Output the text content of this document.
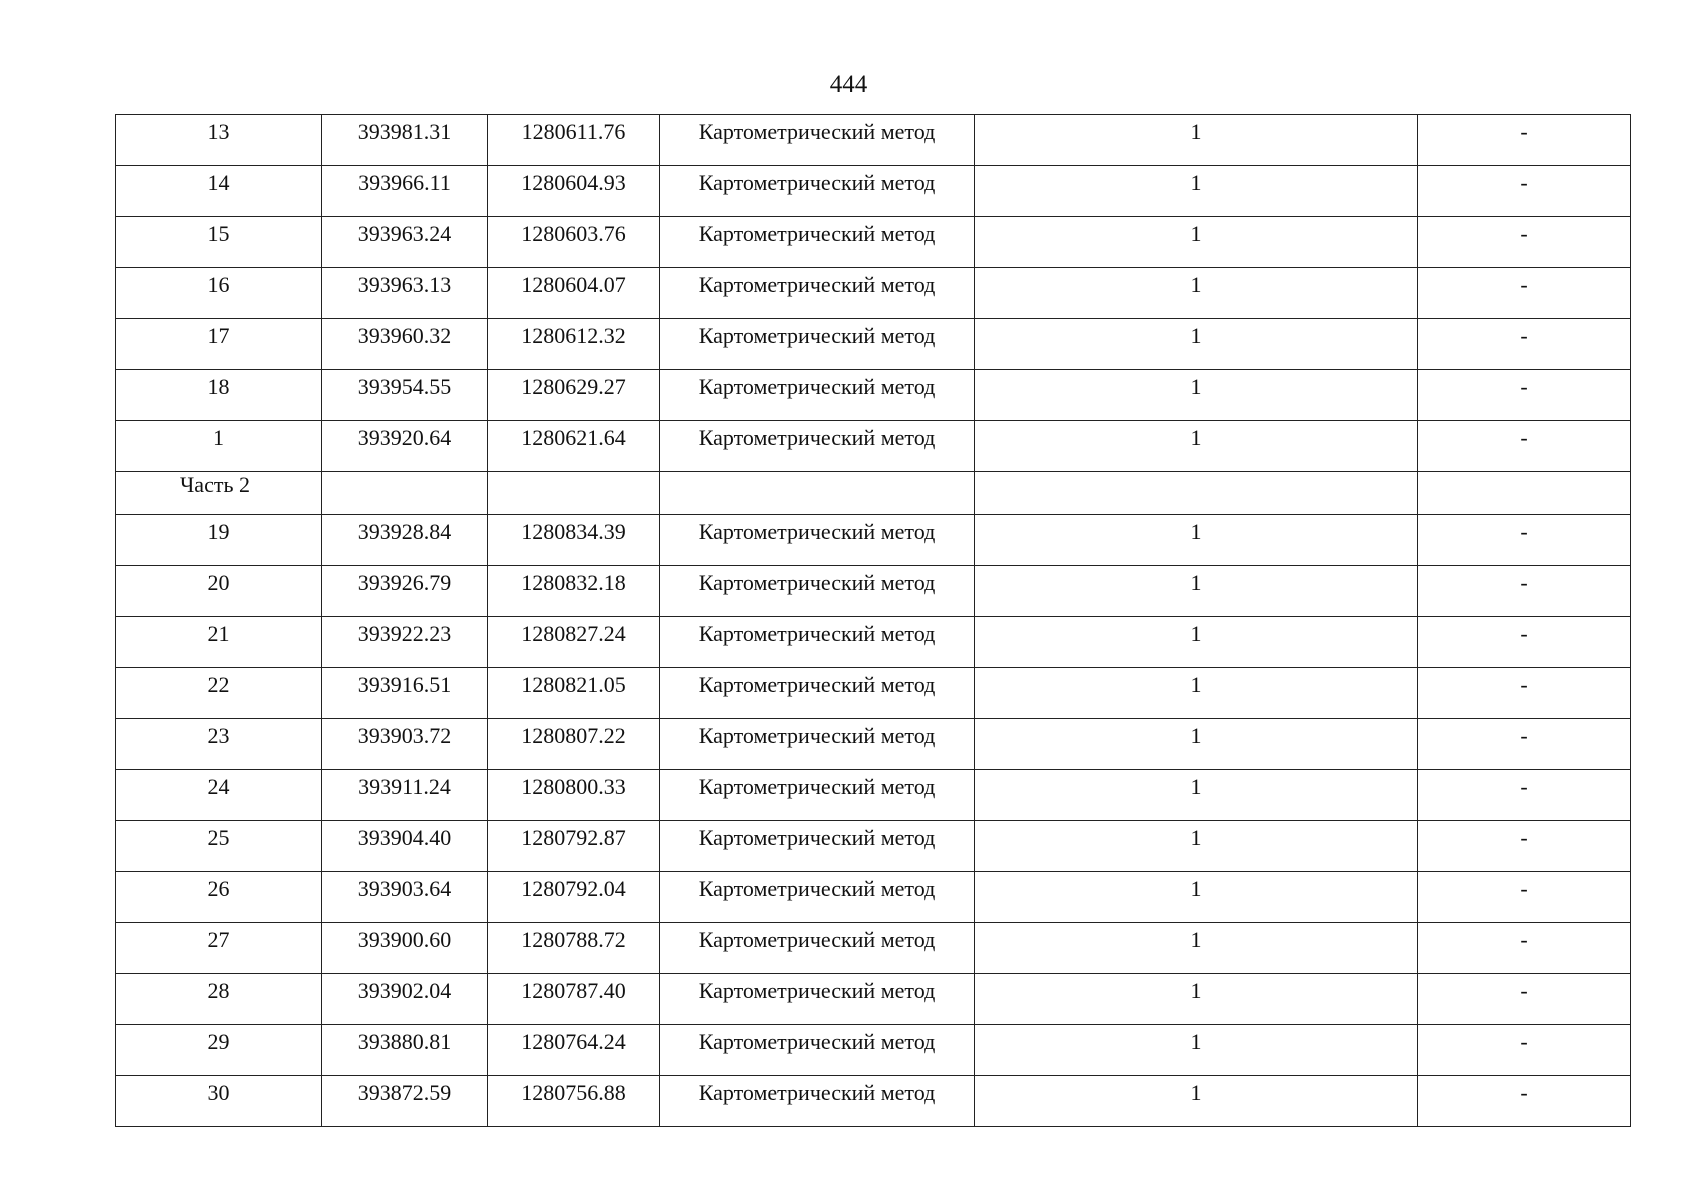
444
13	393981.31	1280611.76	Картометрический метод	1	-

14	393966.11	1280604.93	Картометрический метод	1	-

15	393963.24	1280603.76	Картометрический метод	1	-

16	393963.13	1280604.07	Картометрический метод	1	-

17	393960.32	1280612.32	Картометрический метод	1	-

18	393954.55	1280629.27	Картометрический метод	1	-

1	393920.64	1280621.64	Картометрический метод	1	-

Часть 2					

19	393928.84	1280834.39	Картометрический метод	1	-

20	393926.79	1280832.18	Картометрический метод	1	-

21	393922.23	1280827.24	Картометрический метод	1	-

22	393916.51	1280821.05	Картометрический метод	1	-

23	393903.72	1280807.22	Картометрический метод	1	-

24	393911.24	1280800.33	Картометрический метод	1	-

25	393904.40	1280792.87	Картометрический метод	1	-

26	393903.64	1280792.04	Картометрический метод	1	-

27	393900.60	1280788.72	Картометрический метод	1	-

28	393902.04	1280787.40	Картометрический метод	1	-

29	393880.81	1280764.24	Картометрический метод	1	-

30	393872.59	1280756.88	Картометрический метод	1	-
